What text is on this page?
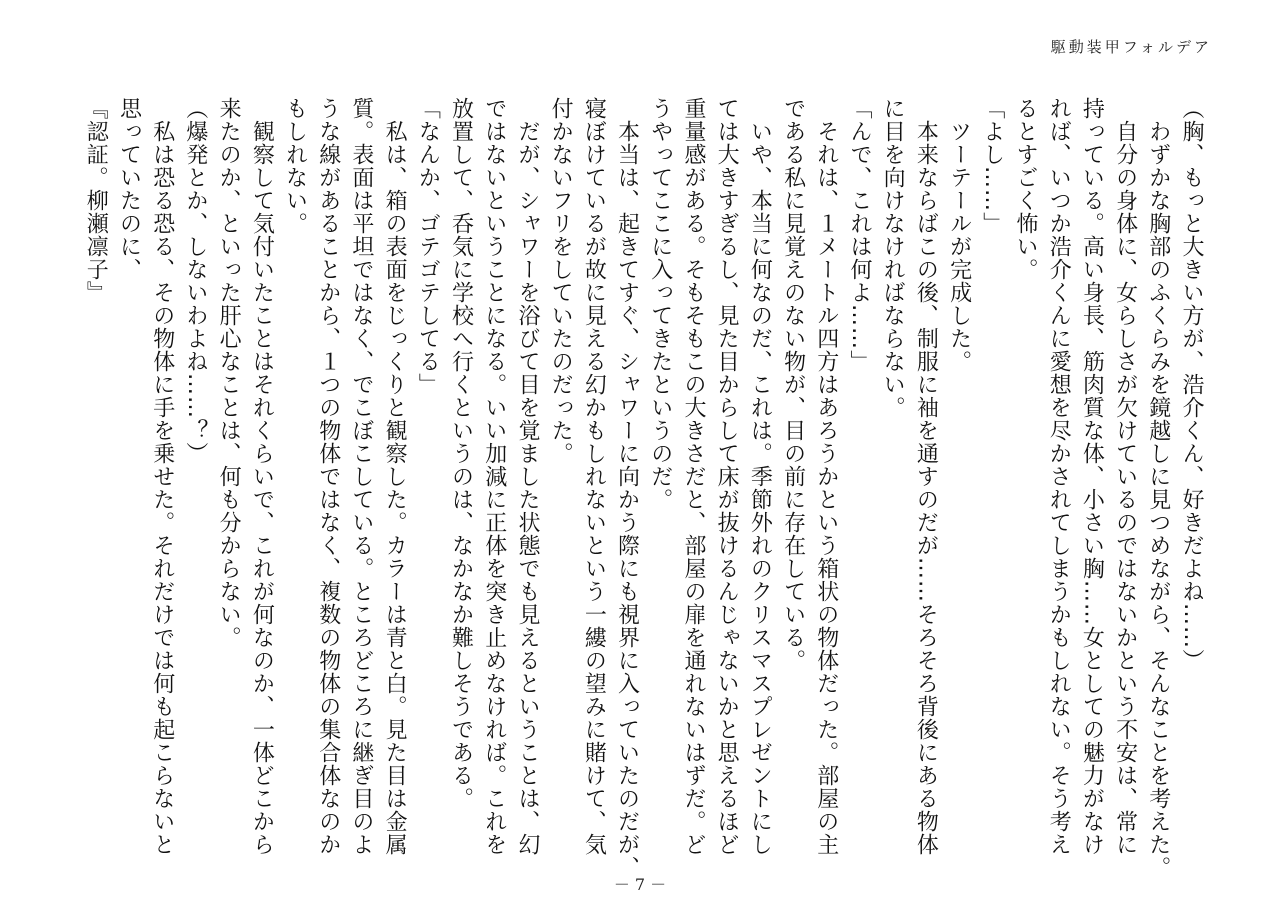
駆動装甲フォルデア
（胸、もっと大きい方が、浩介くん、好きだよね……）
　わずかな胸部のふくらみを鏡越しに見つめながら、そんなことを考えた。
　自分の身体に、女らしさが欠けているのではないかという不安は、常に
持っている。高い身長、筋肉質な体、小さい胸……女としての魅力がなけ
れば、いつか浩介くんに愛想を尽かされてしまうかもしれない。そう考え
るとすごく怖い。
「よし……」
　ツーテールが完成した。
　本来ならばこの後、制服に袖を通すのだが……そろそろ背後にある物体
に目を向けなければならない。
「んで、これは何よ……」
　それは、１メートル四方はあろうかという箱状の物体だった。部屋の主
である私に見覚えのない物が、目の前に存在している。
　いや、本当に何なのだ、これは。季節外れのクリスマスプレゼントにし
ては大きすぎるし、見た目からして床が抜けるんじゃないかと思えるほど
重量感がある。そもそもこの大きさだと、部屋の扉を通れないはずだ。ど
うやってここに入ってきたというのだ。
　本当は、起きてすぐ、シャワーに向かう際にも視界に入っていたのだが、
寝ぼけているが故に見える幻かもしれないという一縷の望みに賭けて、気
付かないフリをしていたのだった。
　だが、シャワーを浴びて目を覚ました状態でも見えるということは、幻
ではないということになる。いい加減に正体を突き止めなければ。これを
放置して、呑気に学校へ行くというのは、なかなか難しそうである。
「なんか、ゴテゴテしてる」
　私は、箱の表面をじっくりと観察した。カラーは青と白。見た目は金属
質。表面は平坦ではなく、でこぼこしている。ところどころに継ぎ目のよ
うな線があることから、１つの物体ではなく、複数の物体の集合体なのか
もしれない。
　観察して気付いたことはそれくらいで、これが何なのか、一体どこから
来たのか、といった肝心なことは、何も分からない。
（爆発とか、しないわよね……？）
　私は恐る恐る、その物体に手を乗せた。それだけでは何も起こらないと
思っていたのに、
『認証。柳瀬凛子』
－ 7 －
